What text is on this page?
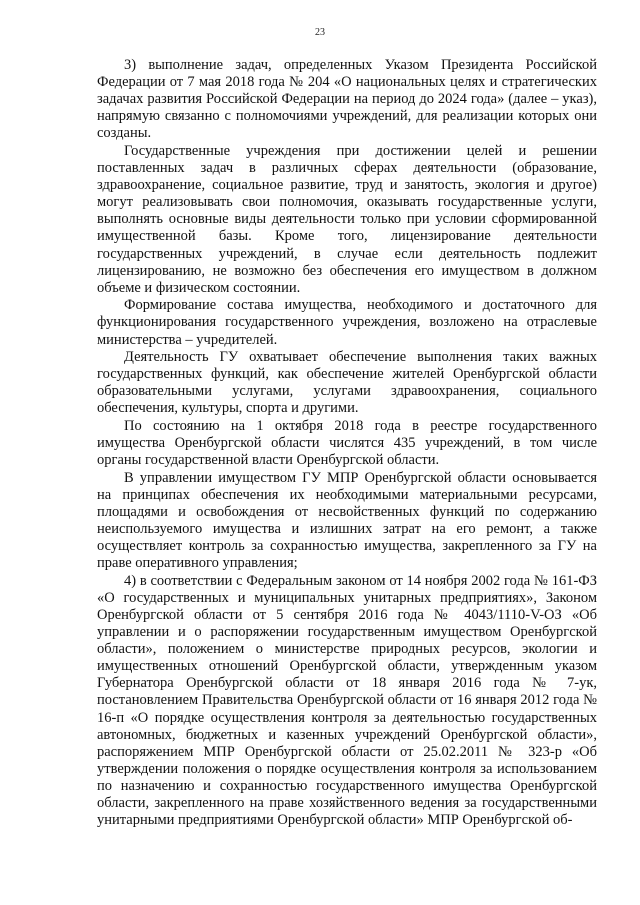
23

3) выполнение задач, определенных Указом Президента Российской Федерации от 7 мая 2018 года № 204 «О национальных целях и стратегических задачах развития Российской Федерации на период до 2024 года» (далее – указ), напрямую связанно с полномочиями учреждений, для реализации которых они созданы.

Государственные учреждения при достижении целей и решении поставленных задач в различных сферах деятельности (образование, здравоохранение, социальное развитие, труд и занятость, экология и другое) могут реализовывать свои полномочия, оказывать государственные услуги, выполнять основные виды деятельности только при условии сформированной имущественной базы. Кроме того, лицензирование деятельности государственных учреждений, в случае если деятельность подлежит лицензированию, не возможно без обеспечения его имуществом в должном объеме и физическом состоянии.

Формирование состава имущества, необходимого и достаточного для функционирования государственного учреждения, возложено на отраслевые министерства – учредителей.

Деятельность ГУ охватывает обеспечение выполнения таких важных государственных функций, как обеспечение жителей Оренбургской области образовательными услугами, услугами здравоохранения, социального обеспечения, культуры, спорта и другими.

По состоянию на 1 октября 2018 года в реестре государственного имущества Оренбургской области числятся 435 учреждений, в том числе органы государственной власти Оренбургской области.

В управлении имуществом ГУ МПР Оренбургской области основывается на принципах обеспечения их необходимыми материальными ресурсами, площадями и освобождения от несвойственных функций по содержанию неиспользуемого имущества и излишних затрат на его ремонт, а также осуществляет контроль за сохранностью имущества, закрепленного за ГУ на праве оперативного управления;

4) в соответствии с Федеральным законом от 14 ноября 2002 года № 161-ФЗ «О государственных и муниципальных унитарных предприятиях», Законом Оренбургской области от 5 сентября 2016 года № 4043/1110-V-ОЗ «Об управлении и о распоряжении государственным имуществом Оренбургской области», положением о министерстве природных ресурсов, экологии и имущественных отношений Оренбургской области, утвержденным указом Губернатора Оренбургской области от 18 января 2016 года № 7-ук, постановлением Правительства Оренбургской области от 16 января 2012 года № 16-п «О порядке осуществления контроля за деятельностью государственных автономных, бюджетных и казенных учреждений Оренбургской области», распоряжением МПР Оренбургской области от 25.02.2011 № 323-р «Об утверждении положения о порядке осуществления контроля за использованием по назначению и сохранностью государственного имущества Оренбургской области, закрепленного на праве хозяйственного ведения за государственными унитарными предприятиями Оренбургской области» МПР Оренбургской об-
